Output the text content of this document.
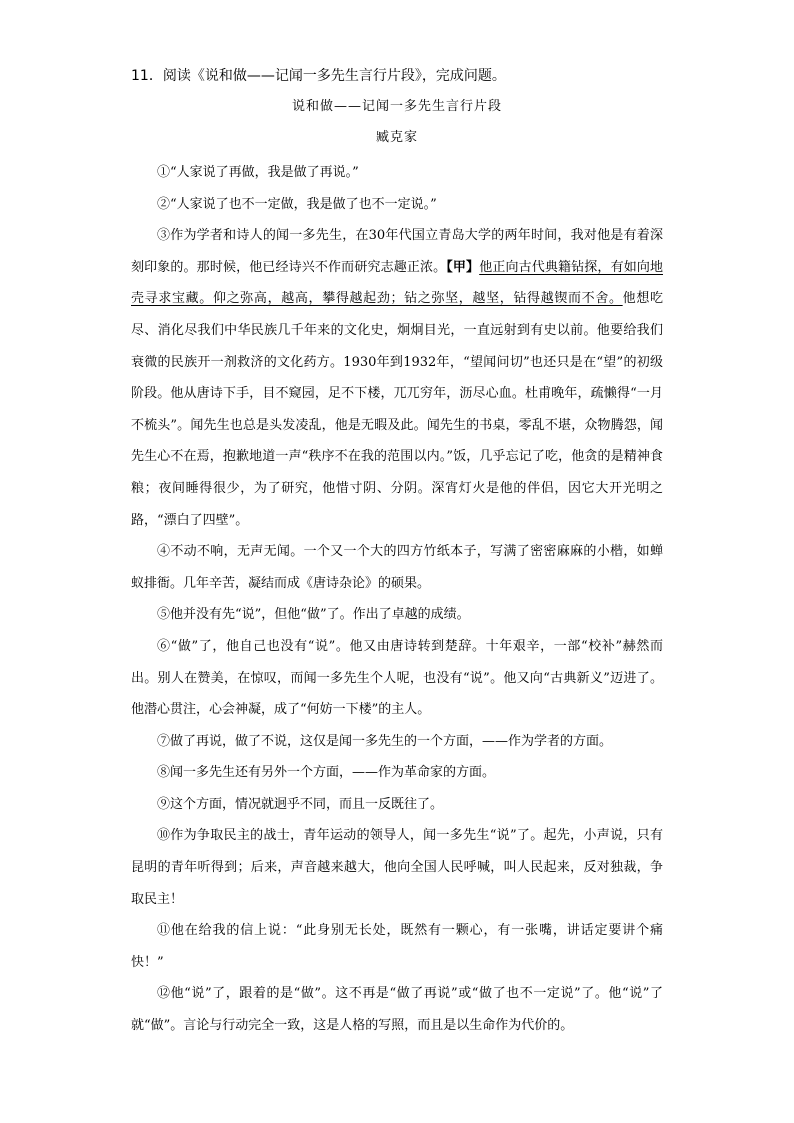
11．阅读《说和做——记闻一多先生言行片段》，完成问题。
说和做——记闻一多先生言行片段
臧克家

①“人家说了再做，我是做了再说。”

②“人家说了也不一定做，我是做了也不一定说。”

③作为学者和诗人的闻一多先生，在30年代国立青岛大学的两年时间，我对他是有着深刻印象的。那时候，他已经诗兴不作而研究志趣正浓。【甲】他正向古代典籍钻探，有如向地壳寻求宝藏。仰之弥高，越高，攀得越起劲；钻之弥坚，越坚，钻得越锲而不舍。他想吃尽、消化尽我们中华民族几千年来的文化史，炯炯目光，一直远射到有史以前。他要给我们衰微的民族开一剂救济的文化药方。1930年到1932年，“望闻问切”也还只是在“望”的初级阶段。他从唐诗下手，目不窥园，足不下楼，兀兀穷年，沥尽心血。杜甫晚年，疏懒得“一月不梳头”。闻先生也总是头发凌乱，他是无暇及此。闻先生的书桌，零乱不堪，众物腾怨，闻先生心不在焉，抱歉地道一声“秩序不在我的范围以内。”饭，几乎忘记了吃，他贪的是精神食粮；夜间睡得很少，为了研究，他惜寸阴、分阴。深宵灯火是他的伴侣，因它大开光明之路，“漂白了四壁”。

④不动不响，无声无闻。一个又一个大的四方竹纸本子，写满了密密麻麻的小楷，如蝉蚁排衙。几年辛苦，凝结而成《唐诗杂论》的硕果。

⑤他并没有先“说”，但他“做”了。作出了卓越的成绩。

⑥“做”了，他自己也没有“说”。他又由唐诗转到楚辞。十年艰辛，一部“校补”赫然而出。别人在赞美，在惊叹，而闻一多先生个人呢，也没有“说”。他又向“古典新义”迈进了。他潜心贯注，心会神凝，成了“何妨一下楼”的主人。

⑦做了再说，做了不说，这仅是闻一多先生的一个方面，——作为学者的方面。

⑧闻一多先生还有另外一个方面，——作为革命家的方面。

⑨这个方面，情况就迥乎不同，而且一反既往了。

⑩作为争取民主的战士，青年运动的领导人，闻一多先生“说”了。起先，小声说，只有昆明的青年听得到；后来，声音越来越大，他向全国人民呼喊，叫人民起来，反对独裁，争取民主！

⑪他在给我的信上说：“此身别无长处，既然有一颗心，有一张嘴，讲话定要讲个痛快！”

⑫他“说”了，跟着的是“做”。这不再是“做了再说”或“做了也不一定说”了。他“说”了就“做”。言论与行动完全一致，这是人格的写照，而且是以生命作为代价的。
